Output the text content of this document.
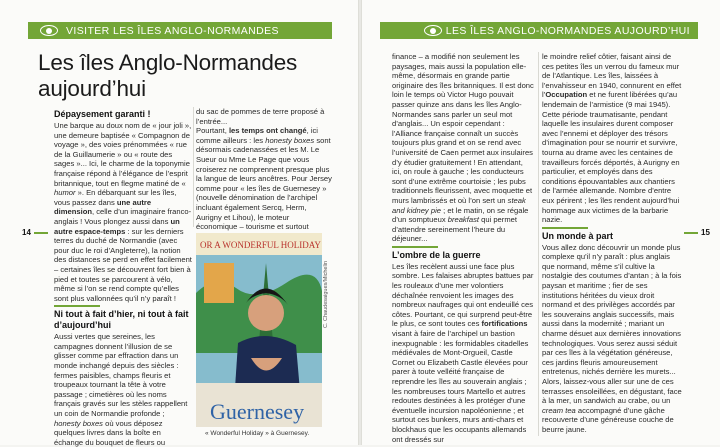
VISITER LES ÎLES ANGLO-NORMANDES
Les îles Anglo-Normandes aujourd’hui
Dépaysement garanti !

Une barque au doux nom de « jour joli », une demeure baptisée « Compagnon de voyage », des voies prénommées « rue de la Guillaumerie » ou « route des sages »... Ici, le charme de la toponymie française répond à l’élégance de l’esprit britannique, tout en flegme matiné de « humor ». En débarquant sur les îles, vous passez dans une autre dimension, celle d’un imaginaire franco-anglais ! Vous plongez aussi dans un autre espace-temps : sur les derniers terres du duché de Normandie (avec pour duc le roi d’Angleterre), la notion des distances se perd en effet facilement – certaines îles se découvrent fort bien à pied et toutes se parcourent à vélo, même si l’on se rend compte qu’elles sont plus vallonnées qu’il n’y paraît !

Ni tout à fait d’hier, ni tout à fait d’aujourd’hui

Aussi vertes que sereines, les campagnes donnent l’illusion de se glisser comme par effraction dans un monde inchangé depuis des siècles : fermes paisibles, champs fleuris et troupeaux tournant la tête à votre passage ; cimetières où les noms français gravés sur les stèles rappellent un coin de Normandie profonde ; honesty boxes où vous déposez quelques livres dans la boîte en échange du bouquet de fleurs ou

du sac de pommes de terre proposé à l’entrée...

Pourtant, les temps ont changé, ici comme ailleurs : les honesty boxes sont désormais cadenassées et les M. Le Sueur ou Mme Le Page que vous croiserez ne comprennent presque plus la langue de leurs ancêtres. Pour Jersey comme pour « les îles de Guernesey » (nouvelle dénomination de l’archipel incluant également Sercq, Herm, Aurigny et Lihou), le moteur économique – tourisme et surtout

14
OR A WONDERFUL HOLIDAY
Guernesey
C. Chaudesaigues/Michelin
« Wonderful Holiday » à Guernesey.
LES ÎLES ANGLO-NORMANDES AUJOURD’HUI

finance – a modifié non seulement les paysages, mais aussi la population elle-même, désormais en grande partie originaire des îles britanniques. Il est donc loin le temps où Victor Hugo pouvait passer quinze ans dans les îles Anglo-Normandes sans parler un seul mot d’anglais... Un espoir cependant : l’Alliance française connaît un succès toujours plus grand et on se rend avec l’université de Caen permet aux insulaires d’y étudier gratuitement ! En attendant, ici, on roule à gauche ; les conducteurs sont d’une extrême courtoisie ; les pubs traditionnels fleurissent, avec moquette et murs lambrissés et où l’on sert un steak and kidney pie ; et le matin, on se régale d’un somptueux breakfast qui permet d’attendre sereinement l’heure du déjeuner...

L’ombre de la guerre

Les îles recèlent aussi une face plus sombre. Les falaises abruptes battues par les rouleaux d’une mer volontiers déchaînée renvoient les images des nombreux naufrages qui ont endeuillé ces côtes. Pourtant, ce qui surprend peut-être le plus, ce sont toutes ces fortifications visant à faire de l’archipel un bastion inexpugnable : les formidables citadelles médiévales de Mont-Orgueil, Castle Cornet ou Elizabeth Castle élevées pour parer à toute velléité française de reprendre les îles au souverain anglais ; les nombreuses tours Martello et autres redoutes destinées à les protéger d’une éventuelle incursion napoléonienne ; et surtout ces bunkers, murs anti-chars et blockhaus que les occupants allemands ont dressés sur

le moindre relief côtier, faisant ainsi de ces petites îles un verrou du fameux mur de l’Atlantique. Les îles, laissées à l’envahisseur en 1940, connurent en effet l’Occupation et ne furent libérées qu’au lendemain de l’armistice (9 mai 1945). Cette période traumatisante, pendant laquelle les insulaires durent composer avec l’ennemi et déployer des trésors d’imagination pour se nourrir et survivre, tourna au drame avec les centaines de travailleurs forcés déportés, à Aurigny en particulier, et employés dans des conditions épouvantables aux chantiers de l’armée allemande. Nombre d’entre eux périrent ; les îles rendent aujourd’hui hommage aux victimes de la barbarie nazie.

Un monde à part

Vous allez donc découvrir un monde plus complexe qu’il n’y paraît : plus anglais que normand, même s’il cultive la nostalgie des coutumes d’antan ; à la fois paysan et maritime ; fier de ses institutions héritées du vieux droit normand et des privilèges accordés par les souverains anglais successifs, mais aussi dans la modernité ; mariant un charme désuet aux dernières innovations technologiques. Vous serez aussi séduit par ces îles à la végétation généreuse, ces jardins fleuris amoureusement entretenus, nichés derrière les murets... Alors, laissez-vous aller sur une de ces terrasses ensoleillées, en dégustant, face à la mer, un sandwich au crabe, ou un cream tea accompagné d’une gâche recouverte d’une généreuse couche de beurre jaune.

15
